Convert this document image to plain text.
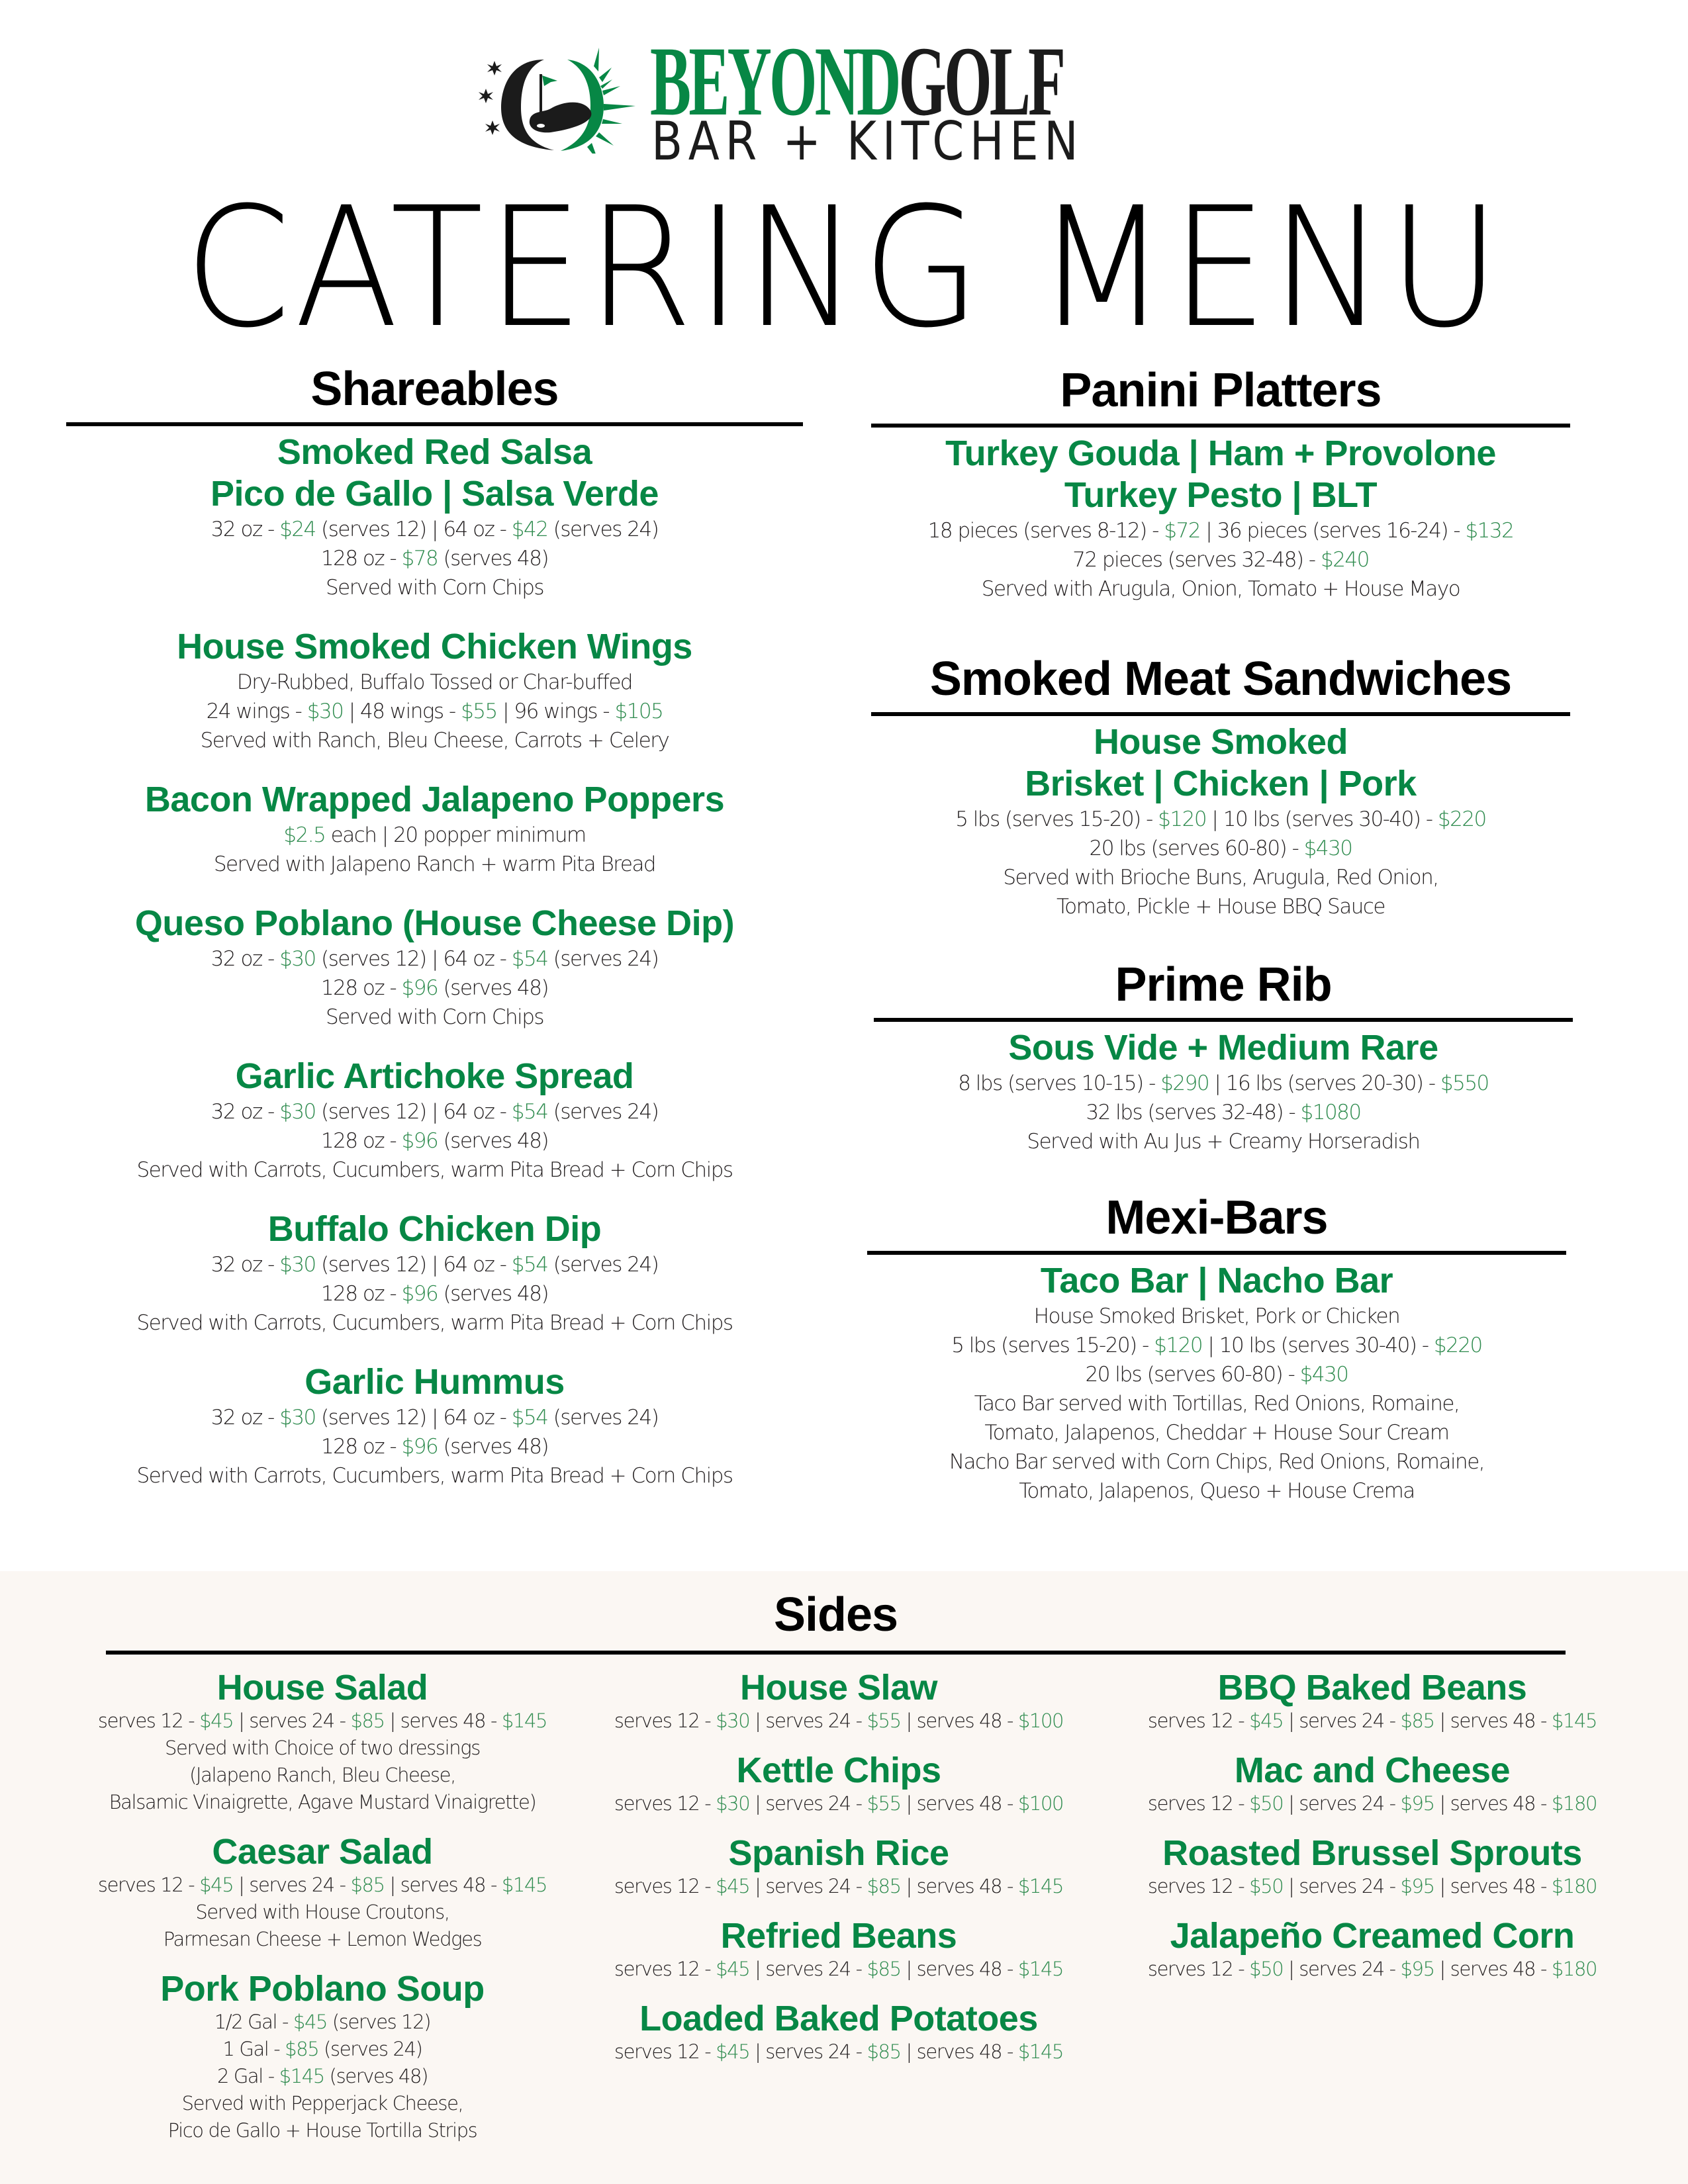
BEYONDGOLF
BAR + KITCHEN
CATERING MENU
Shareables
Smoked Red Salsa
Pico de Gallo | Salsa Verde
32 oz - $24 (serves 12) | 64 oz - $42 (serves 24)
128 oz - $78 (serves 48)
Served with Corn Chips
House Smoked Chicken Wings
Dry-Rubbed, Buffalo Tossed or Char-buffed
24 wings - $30 | 48 wings - $55 | 96 wings - $105
Served with Ranch, Bleu Cheese, Carrots + Celery
Bacon Wrapped Jalapeno Poppers
$2.5 each | 20 popper minimum
Served with Jalapeno Ranch + warm Pita Bread
Queso Poblano (House Cheese Dip)
32 oz - $30 (serves 12) | 64 oz - $54 (serves 24)
128 oz - $96 (serves 48)
Served with Corn Chips
Garlic Artichoke Spread
32 oz - $30 (serves 12) | 64 oz - $54 (serves 24)
128 oz - $96 (serves 48)
Served with Carrots, Cucumbers, warm Pita Bread + Corn Chips
Buffalo Chicken Dip
32 oz - $30 (serves 12) | 64 oz - $54 (serves 24)
128 oz - $96 (serves 48)
Served with Carrots, Cucumbers, warm Pita Bread + Corn Chips
Garlic Hummus
32 oz - $30 (serves 12) | 64 oz - $54 (serves 24)
128 oz - $96 (serves 48)
Served with Carrots, Cucumbers, warm Pita Bread + Corn Chips
Panini Platters
Turkey Gouda | Ham + Provolone
Turkey Pesto | BLT
18 pieces (serves 8-12) - $72 | 36 pieces (serves 16-24) - $132
72 pieces (serves 32-48) - $240
Served with Arugula, Onion, Tomato + House Mayo
Smoked Meat Sandwiches
House Smoked
Brisket | Chicken | Pork
5 lbs (serves 15-20) - $120 | 10 lbs (serves 30-40) - $220
20 lbs (serves 60-80) - $430
Served with Brioche Buns, Arugula, Red Onion,
Tomato, Pickle + House BBQ Sauce
Prime Rib
Sous Vide + Medium Rare
8 lbs (serves 10-15) - $290 | 16 lbs (serves 20-30) - $550
32 lbs (serves 32-48) - $1080
Served with Au Jus + Creamy Horseradish
Mexi-Bars
Taco Bar | Nacho Bar
House Smoked Brisket, Pork or Chicken
5 lbs (serves 15-20) - $120 | 10 lbs (serves 30-40) - $220
20 lbs (serves 60-80) - $430
Taco Bar served with Tortillas, Red Onions, Romaine,
Tomato, Jalapenos, Cheddar + House Sour Cream
Nacho Bar served with Corn Chips, Red Onions, Romaine,
Tomato, Jalapenos, Queso + House Crema
Sides
House Salad
serves 12 - $45 | serves 24 - $85 | serves 48 - $145
Served with Choice of two dressings
(Jalapeno Ranch, Bleu Cheese,
Balsamic Vinaigrette, Agave Mustard Vinaigrette)
Caesar Salad
serves 12 - $45 | serves 24 - $85 | serves 48 - $145
Served with House Croutons,
Parmesan Cheese + Lemon Wedges
Pork Poblano Soup
1/2 Gal - $45 (serves 12)
1 Gal - $85 (serves 24)
2 Gal - $145 (serves 48)
Served with Pepperjack Cheese,
Pico de Gallo + House Tortilla Strips
House Slaw
serves 12 - $30 | serves 24 - $55 | serves 48 - $100
Kettle Chips
serves 12 - $30 | serves 24 - $55 | serves 48 - $100
Spanish Rice
serves 12 - $45 | serves 24 - $85 | serves 48 - $145
Refried Beans
serves 12 - $45 | serves 24 - $85 | serves 48 - $145
Loaded Baked Potatoes
serves 12 - $45 | serves 24 - $85 | serves 48 - $145
BBQ Baked Beans
serves 12 - $45 | serves 24 - $85 | serves 48 - $145
Mac and Cheese
serves 12 - $50 | serves 24 - $95 | serves 48 - $180
Roasted Brussel Sprouts
serves 12 - $50 | serves 24 - $95 | serves 48 - $180
Jalapeño Creamed Corn
serves 12 - $50 | serves 24 - $95 | serves 48 - $180
